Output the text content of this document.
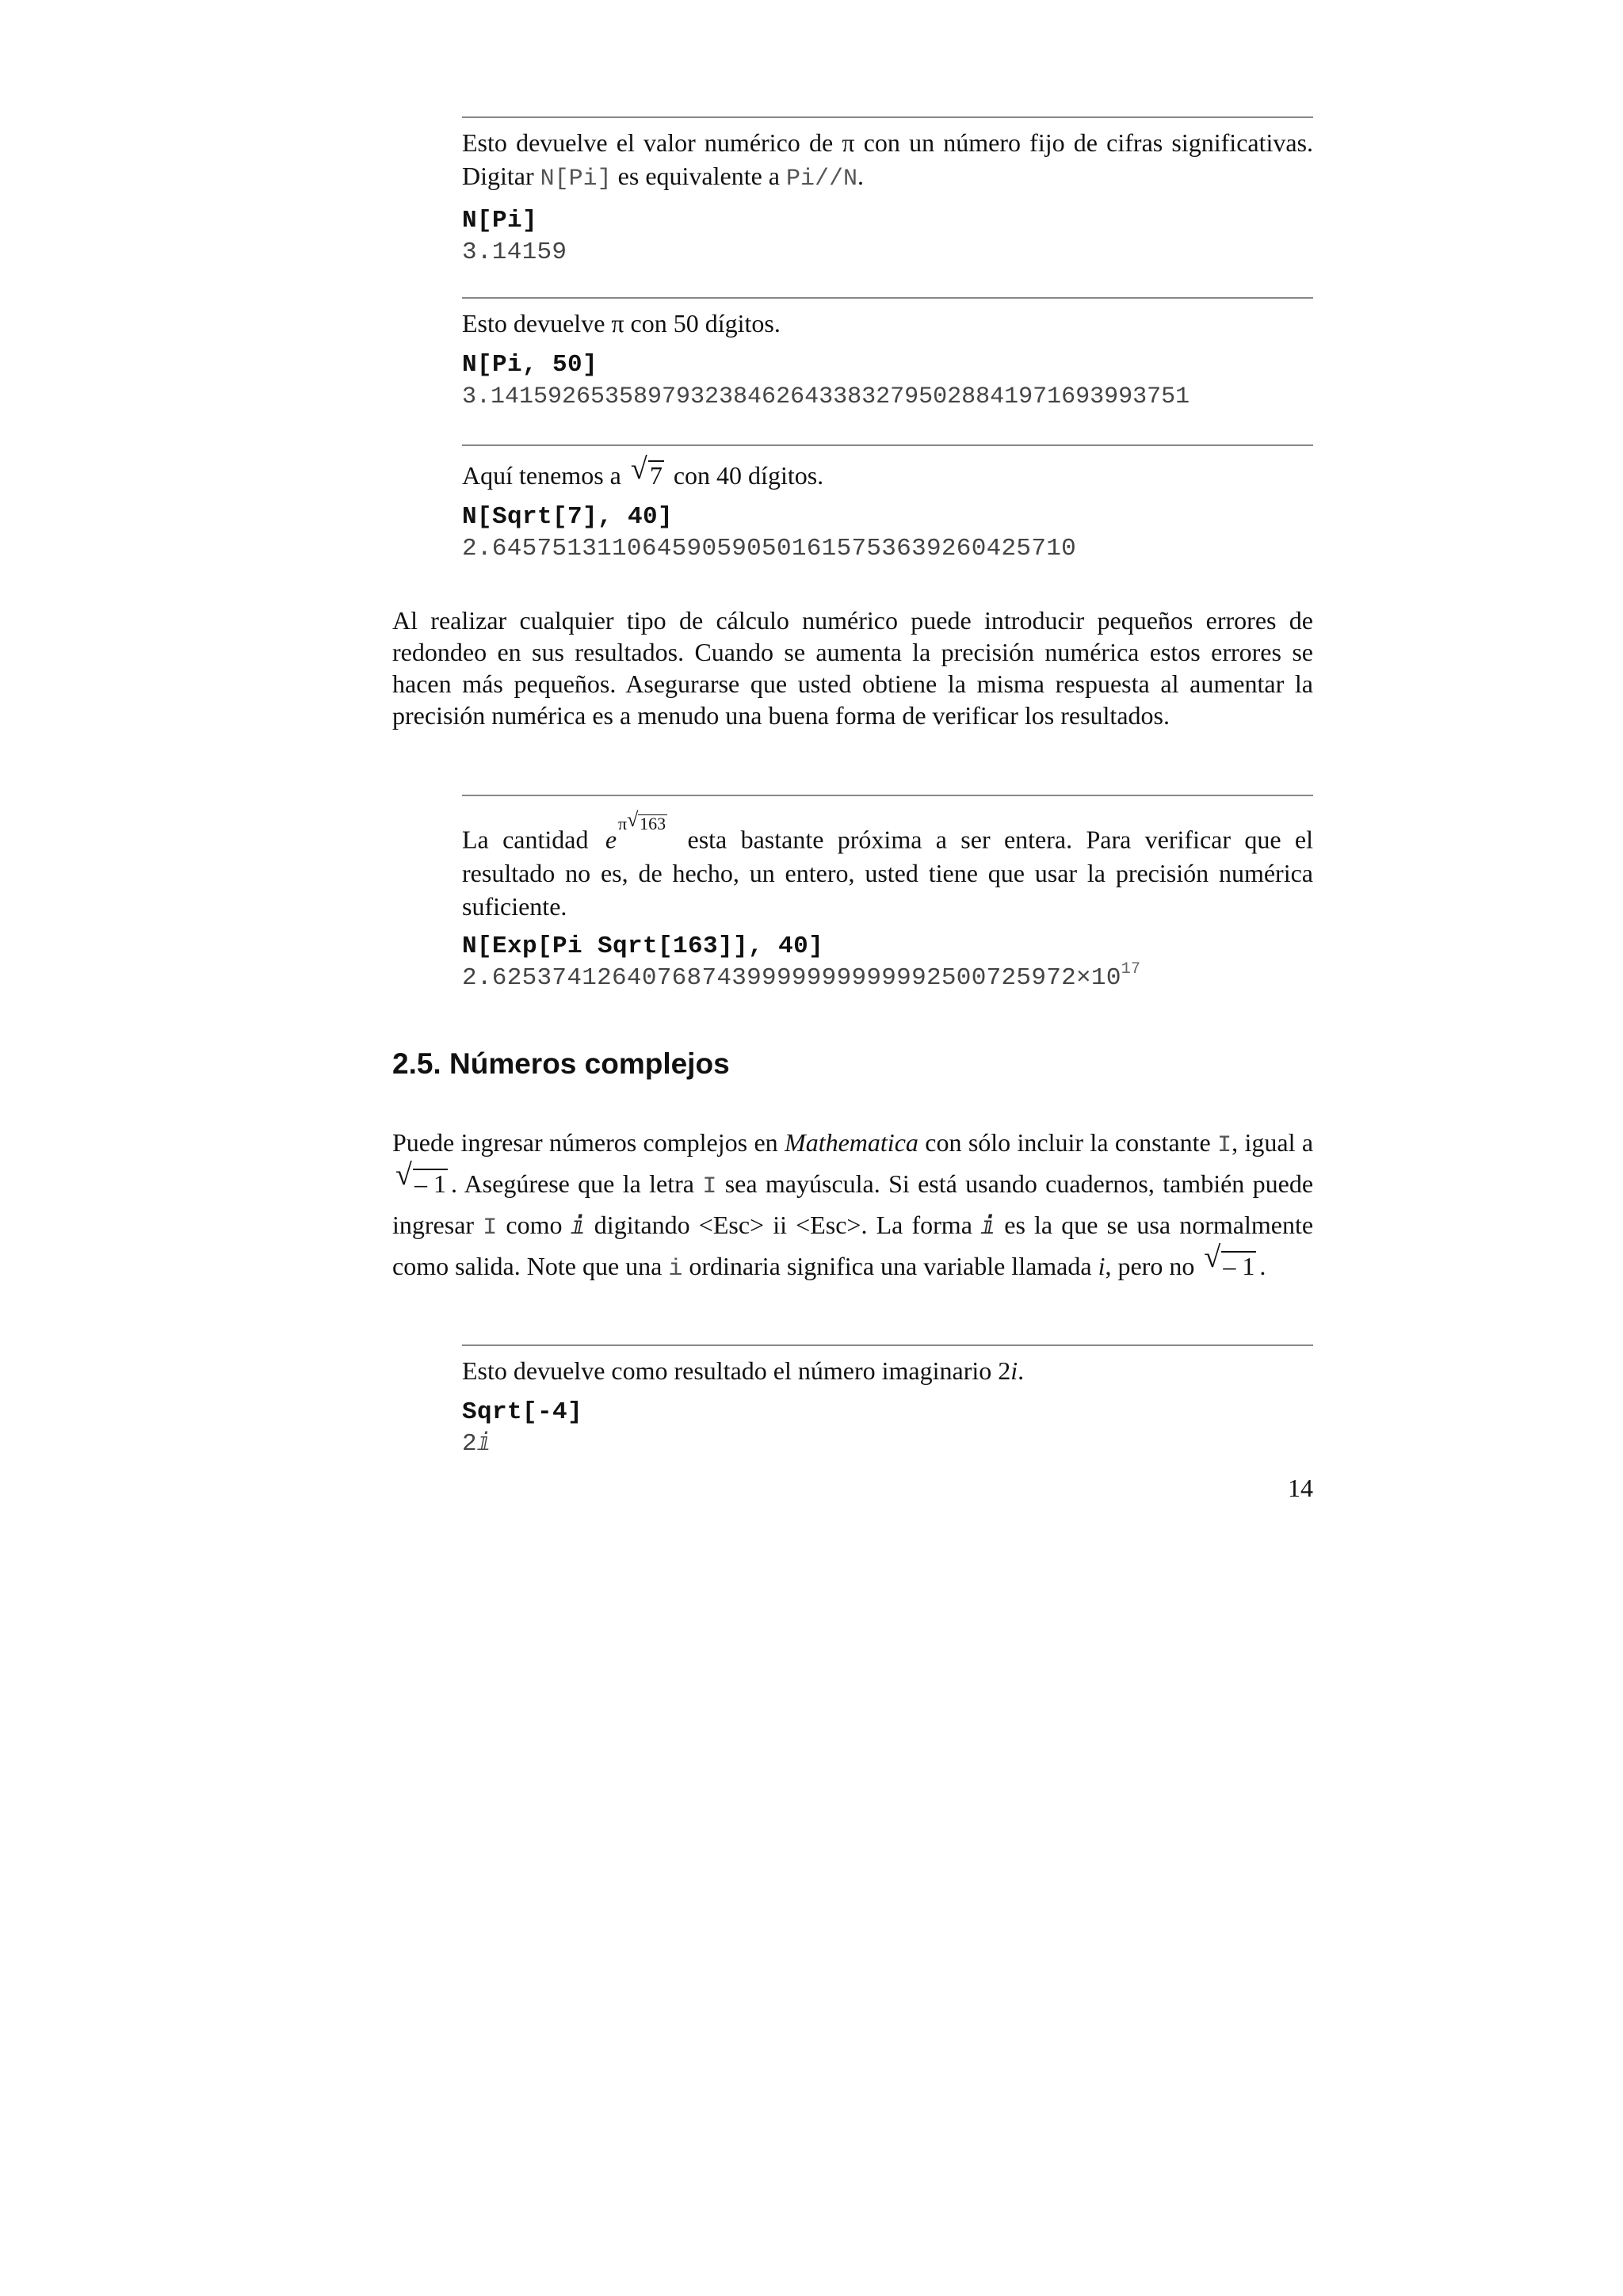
Esto devuelve el valor numérico de π con un número fijo de cifras significativas. Digitar N[Pi] es equivalente a Pi//N.

N[Pi]

3.14159

Esto devuelve π con 50 dígitos.

N[Pi, 50]

3.1415926535897932384626433832795028841971693993751

Aquí tenemos a √ 7 con 40 dígitos.

N[Sqrt[7], 40]

2.645751311064590590501615753639260425710

Al realizar cualquier tipo de cálculo numérico puede introducir pequeños errores de redondeo en sus resultados. Cuando se aumenta la precisión numérica estos errores se hacen más pequeños. Asegurarse que usted obtiene la misma respuesta al aumentar la precisión numérica es a menudo una buena forma de verificar los resultados.

La cantidad $e^{\pi √ 163}$ esta bastante próxima a ser entera. Para verificar que el resultado no es, de hecho, un entero, usted tiene que usar la precisión numérica suficiente.

N[Exp[Pi Sqrt[163]], 40]

$2.625374126407687439999999999992500725972\times 10^{17}$

2.5. Números complejos

Puede ingresar números complejos en Mathematica con sólo incluir la constante I, igual a
√ – 1 . Asegúrese que la letra I sea mayúscula. Si está usando cuadernos, también puede ingresar I como ⅈ digitando <Esc> ii <Esc>. La forma ⅈ es la que se usa normalmente como salida. Note que una i ordinaria significa una variable llamada i, pero no √ – 1 .

Esto devuelve como resultado el número imaginario 2i.

Sqrt[-4]

2ⅈ

14
